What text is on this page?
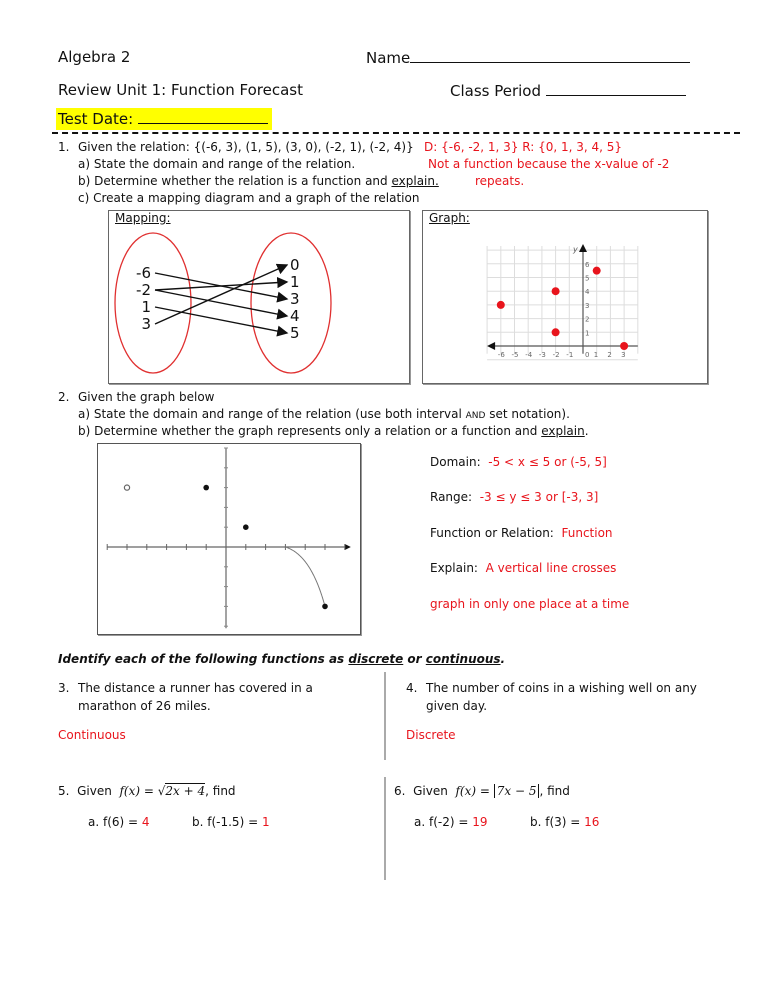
Algebra 2	Name
Review Unit 1: Function Forecast	Class Period
Test Date:
1. Given the relation: {(-6, 3), (1, 5), (3, 0), (-2, 1), (-2, 4)}
a) State the domain and range of the relation.
b) Determine whether the relation is a function and explain.
c) Create a mapping diagram and a graph of the relation
D: {-6, -2, 1, 3} R: {0, 1, 3, 4, 5}
Not a function because the x-value of -2
repeats.
Mapping:
-6
-2
1
3
0
1
3
4
5
Graph:
y
-6 -5 -4 -3 -2 -1 0 1 2 3
1
2
3
4
5
6
2. Given the graph below
a) State the domain and range of the relation (use both interval AND set notation).
b) Determine whether the graph represents only a relation or a function and explain.
Domain: -5 < x ≤ 5 or (-5, 5]
Range: -3 ≤ y ≤ 3 or [-3, 3]
Function or Relation: Function
Explain: A vertical line crosses
graph in only one place at a time
Identify each of the following functions as discrete or continuous.
3. The distance a runner has covered in a
marathon of 26 miles.
Continuous
4. The number of coins in a wishing well on any
given day.
Discrete
5. Given f(x) = √2x + 4, find
a. f(6) = 4	b. f(-1.5) = 1
6. Given f(x) = 7x − 5 , find
a. f(-2) = 19	b. f(3) = 16
